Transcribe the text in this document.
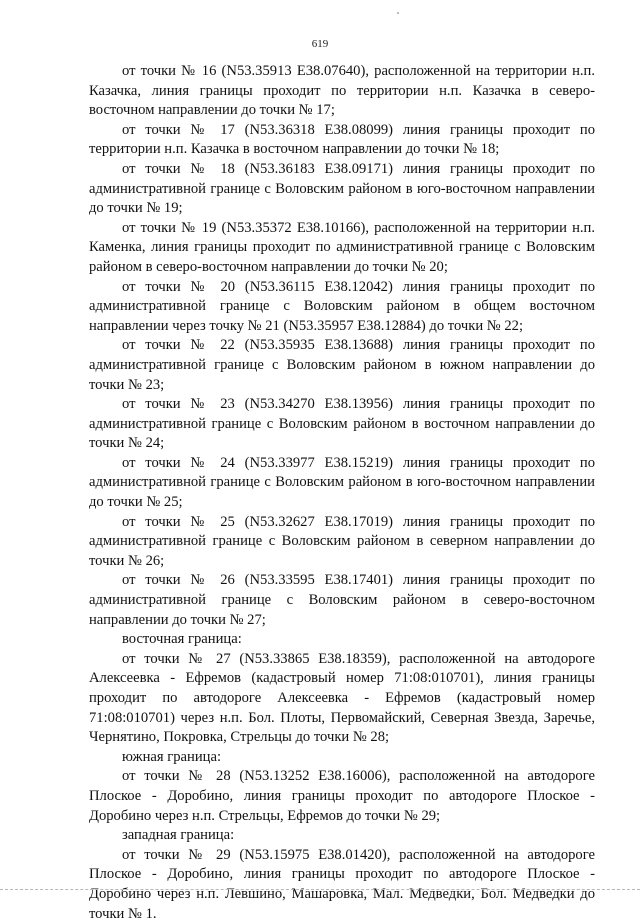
619

от точки № 16 (N53.35913 E38.07640), расположенной на территории н.п. Казачка, линия границы проходит по территории н.п. Казачка в северо-восточном направлении до точки № 17;

от точки № 17 (N53.36318 E38.08099) линия границы проходит по территории н.п. Казачка в восточном направлении до точки № 18;

от точки № 18 (N53.36183 E38.09171) линия границы проходит по административной границе с Воловским районом в юго-восточном направлении до точки № 19;

от точки № 19 (N53.35372 E38.10166), расположенной на территории н.п. Каменка, линия границы проходит по административной границе с Воловским районом в северо-восточном направлении до точки № 20;

от точки № 20 (N53.36115 E38.12042) линия границы проходит по административной границе с Воловским районом в общем восточном направлении через точку № 21 (N53.35957 E38.12884) до точки № 22;

от точки № 22 (N53.35935 E38.13688) линия границы проходит по административной границе с Воловским районом в южном направлении до точки № 23;

от точки № 23 (N53.34270 E38.13956) линия границы проходит по административной границе с Воловским районом в восточном направлении до точки № 24;

от точки № 24 (N53.33977 E38.15219) линия границы проходит по административной границе с Воловским районом в юго-восточном направлении до точки № 25;

от точки № 25 (N53.32627 E38.17019) линия границы проходит по административной границе с Воловским районом в северном направлении до точки № 26;

от точки № 26 (N53.33595 E38.17401) линия границы проходит по административной границе с Воловским районом в северо-восточном направлении до точки № 27;

восточная граница:

от точки № 27 (N53.33865 E38.18359), расположенной на автодороге Алексеевка - Ефремов (кадастровый номер 71:08:010701), линия границы проходит по автодороге Алексеевка - Ефремов (кадастровый номер 71:08:010701) через н.п. Бол. Плоты, Первомайский, Северная Звезда, Заречье, Чернятино, Покровка, Стрельцы до точки № 28;

южная граница:

от точки № 28 (N53.13252 E38.16006), расположенной на автодороге Плоское - Доробино, линия границы проходит по автодороге Плоское - Доробино через н.п. Стрельцы, Ефремов до точки № 29;

западная граница:

от точки № 29 (N53.15975 E38.01420), расположенной на автодороге Плоское - Доробино, линия границы проходит по автодороге Плоское - Доробино через н.п. Левшино, Машаровка, Мал. Медведки, Бол. Медведки до точки № 1.
